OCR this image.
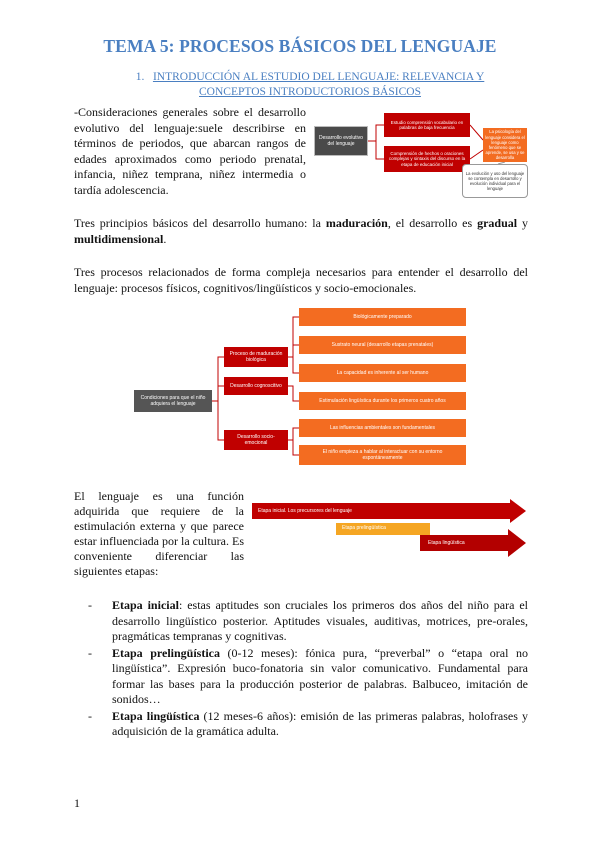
TEMA 5: PROCESOS BÁSICOS DEL LENGUAJE
1. INTRODUCCIÓN AL ESTUDIO DEL LENGUAJE: RELEVANCIA Y
CONCEPTOS INTRODUCTORIOS BÁSICOS
-Consideraciones generales sobre el desarrollo evolutivo del lenguaje:suele describirse en términos de periodos, que abarcan rangos de edades aproximados como periodo prenatal, infancia, niñez temprana, niñez intermedia o tardía adolescencia.
Desarrollo evolutivo del lenguaje
Estudio comprensión vocabulario en palabras de baja frecuencia
Comprensión de hechos o oraciones complejas y sintaxis del discurso en la etapa de educación inicial
La psicología del lenguaje considera el lenguaje como fenómeno que se aprende, se usa y se desarrolla
La evolución y uso del lenguaje se contempla en desarrollo y evolución individual para el lenguaje
Tres principios básicos del desarrollo humano: la maduración, el desarrollo es gradual y multidimensional.
Tres procesos relacionados de forma compleja necesarios para entender el desarrollo del lenguaje: procesos físicos, cognitivos/lingüísticos y socio-emocionales.
Condiciones para que el niño adquiera el lenguaje
Proceso de maduración biológica
Desarrollo cognoscitivo
Desarrollo socio-emocional
Biológicamente preparado
Sustrato neural (desarrollo etapas prenatales)
La capacidad es inherente al ser humano
Estimulación lingüística durante los primeros cuatro años
Las influencias ambientales son fundamentales
El niño empieza a hablar al interactuar con su entorno espontáneamente
El lenguaje es una función adquirida que requiere de la estimulación externa y que parece estar influenciada por la cultura. Es conveniente diferenciar las siguientes etapas:
Etapa inicial. Los precursores del lenguaje
Etapa prelingüística
Etapa lingüística
- Etapa inicial: estas aptitudes son cruciales los primeros dos años del niño para el desarrollo lingüístico posterior. Aptitudes visuales, auditivas, motrices, pre-orales, pragmáticas tempranas y cognitivas.
- Etapa prelingüística (0-12 meses): fónica pura, “preverbal” o “etapa oral no lingüística”. Expresión buco-fonatoria sin valor comunicativo. Fundamental para formar las bases para la producción posterior de palabras. Balbuceo, imitación de sonidos…
- Etapa lingüística (12 meses-6 años): emisión de las primeras palabras, holofrases y adquisición de la gramática adulta.
1
